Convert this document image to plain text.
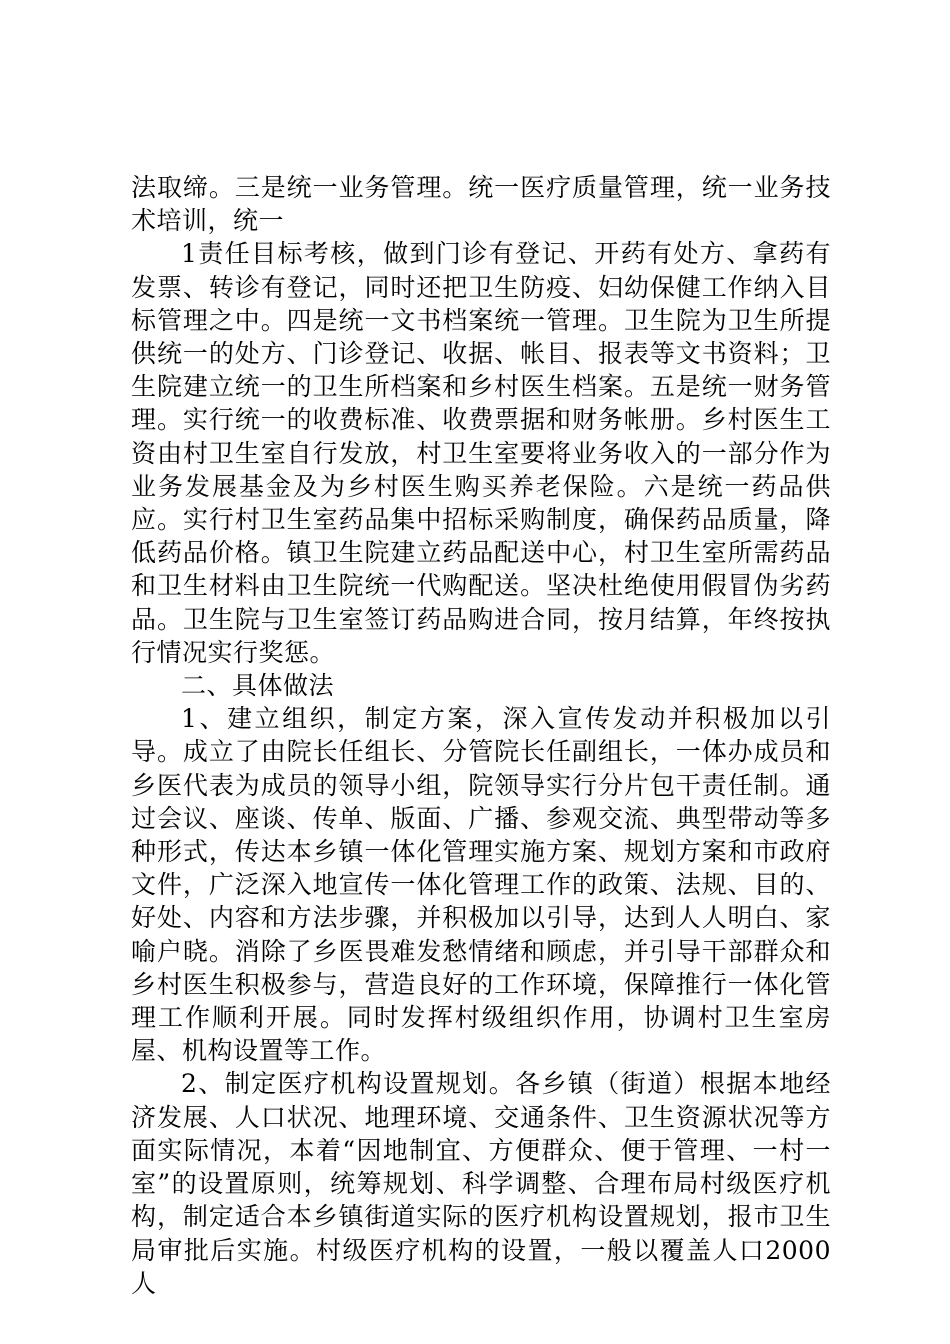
法取缔。三是统一业务管理。统一医疗质量管理，统一业务技术培训，统一

1责任目标考核，做到门诊有登记、开药有处方、拿药有发票、转诊有登记，同时还把卫生防疫、妇幼保健工作纳入目标管理之中。四是统一文书档案统一管理。卫生院为卫生所提供统一的处方、门诊登记、收据、帐目、报表等文书资料；卫生院建立统一的卫生所档案和乡村医生档案。五是统一财务管理。实行统一的收费标准、收费票据和财务帐册。乡村医生工资由村卫生室自行发放，村卫生室要将业务收入的一部分作为业务发展基金及为乡村医生购买养老保险。六是统一药品供应。实行村卫生室药品集中招标采购制度，确保药品质量，降低药品价格。镇卫生院建立药品配送中心，村卫生室所需药品和卫生材料由卫生院统一代购配送。坚决杜绝使用假冒伪劣药品。卫生院与卫生室签订药品购进合同，按月结算，年终按执行情况实行奖惩。

二、具体做法

1、建立组织，制定方案，深入宣传发动并积极加以引导。成立了由院长任组长、分管院长任副组长，一体办成员和乡医代表为成员的领导小组，院领导实行分片包干责任制。通过会议、座谈、传单、版面、广播、参观交流、典型带动等多种形式，传达本乡镇一体化管理实施方案、规划方案和市政府文件，广泛深入地宣传一体化管理工作的政策、法规、目的、好处、内容和方法步骤，并积极加以引导，达到人人明白、家喻户晓。消除了乡医畏难发愁情绪和顾虑，并引导干部群众和乡村医生积极参与，营造良好的工作环境，保障推行一体化管理工作顺利开展。同时发挥村级组织作用，协调村卫生室房屋、机构设置等工作。

2、制定医疗机构设置规划。各乡镇（街道）根据本地经济发展、人口状况、地理环境、交通条件、卫生资源状况等方面实际情况，本着“因地制宜、方便群众、便于管理、一村一室”的设置原则，统筹规划、科学调整、合理布局村级医疗机构，制定适合本乡镇街道实际的医疗机构设置规划，报市卫生局审批后实施。村级医疗机构的设置，一般以覆盖人口2000人
